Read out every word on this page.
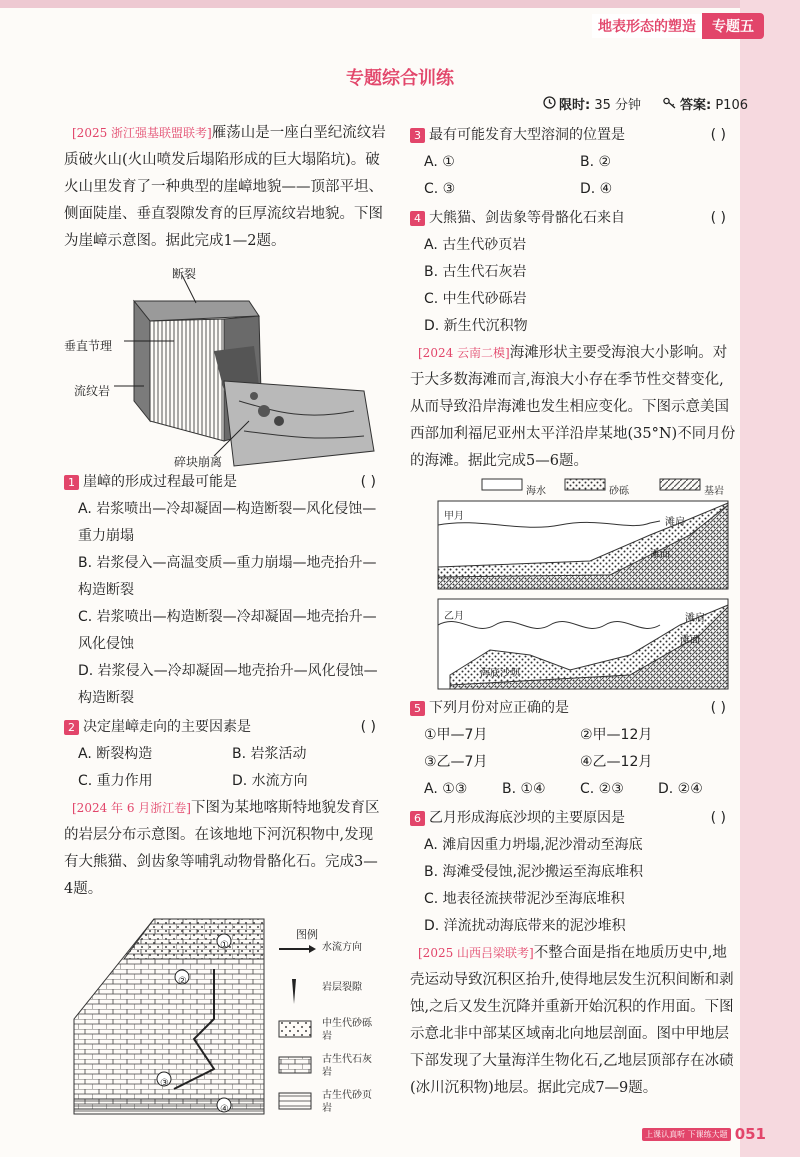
地表形态的塑造	专题五
专题综合训练
限时: 35 分钟	答案: P106

[2025 浙江强基联盟联考]雁荡山是一座白垩纪流纹岩质破火山(火山喷发后塌陷形成的巨大塌陷坑)。破火山里发育了一种典型的崖嶂地貌——顶部平坦、侧面陡崖、垂直裂隙发育的巨厚流纹岩地貌。下图为崖嶂示意图。据此完成1—2题。

断裂
垂直节理
流纹岩
碎块崩离
1 崖嶂的形成过程最可能是	( )
A. 岩浆喷出—冷却凝固—构造断裂—风化侵蚀—重力崩塌
B. 岩浆侵入—高温变质—重力崩塌—地壳抬升—构造断裂
C. 岩浆喷出—构造断裂—冷却凝固—地壳抬升—风化侵蚀
D. 岩浆侵入—冷却凝固—地壳抬升—风化侵蚀—构造断裂
2 决定崖嶂走向的主要因素是	( )
A. 断裂构造	B. 岩浆活动
C. 重力作用	D. 水流方向

[2024 年 6 月浙江卷]下图为某地喀斯特地貌发育区的岩层分布示意图。在该地地下河沉积物中,发现有大熊猫、剑齿象等哺乳动物骨骼化石。完成3—4题。

①
②
③
④
图例
水流方向
岩层裂隙
中生代砂砾岩
古生代石灰岩
古生代砂页岩
3 最有可能发育大型溶洞的位置是	( )
A. ①	B. ②
C. ③	D. ④
4 大熊猫、剑齿象等骨骼化石来自	( )
A. 古生代砂页岩
B. 古生代石灰岩
C. 中生代砂砾岩
D. 新生代沉积物

[2024 云南二模]海滩形状主要受海浪大小影响。对于大多数海滩而言,海浪大小存在季节性交替变化,从而导致沿岸海滩也发生相应变化。下图示意美国西部加利福尼亚州太平洋沿岸某地(35°N)不同月份的海滩。据此完成5—6题。

海水	砂砾	基岩
甲月
滩肩
滩面
乙月	滩肩
滩面
海底沙坝
5 下列月份对应正确的是	( )
①甲—7月	②甲—12月
③乙—7月	④乙—12月
A. ①③	B. ①④	C. ②③	D. ②④
6 乙月形成海底沙坝的主要原因是	( )
A. 滩肩因重力坍塌,泥沙滑动至海底
B. 海滩受侵蚀,泥沙搬运至海底堆积
C. 地表径流挟带泥沙至海底堆积
D. 洋流扰动海底带来的泥沙堆积

[2025 山西吕梁联考]不整合面是指在地质历史中,地壳运动导致沉积区抬升,使得地层发生沉积间断和剥蚀,之后又发生沉降并重新开始沉积的作用面。下图示意北非中部某区域南北向地层剖面。图中甲地层下部发现了大量海洋生物化石,乙地层顶部存在冰碛(冰川沉积物)地层。据此完成7—9题。

上课认真听 下课练大题 051
